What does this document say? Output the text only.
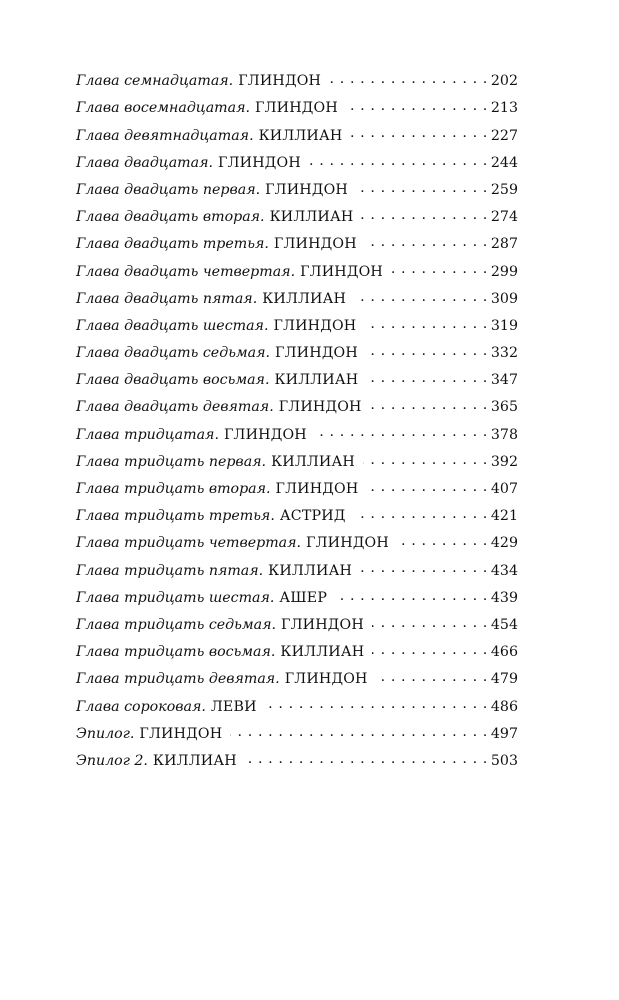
Глава семнадцатая. ГЛИНДОН . . .	202
Глава восемнадцатая. ГЛИНДОН . . .	213
Глава девятнадцатая. КИЛЛИАН . . .	227
Глава двадцатая. ГЛИНДОН . . .	244
Глава двадцать первая. ГЛИНДОН . . .	259
Глава двадцать вторая. КИЛЛИАН . . .	274
Глава двадцать третья. ГЛИНДОН . . .	287
Глава двадцать четвертая. ГЛИНДОН . . .	299
Глава двадцать пятая. КИЛЛИАН . . .	309
Глава двадцать шестая. ГЛИНДОН . . .	319
Глава двадцать седьмая. ГЛИНДОН . . .	332
Глава двадцать восьмая. КИЛЛИАН . . .	347
Глава двадцать девятая. ГЛИНДОН . . .	365
Глава тридцатая. ГЛИНДОН . . .	378
Глава тридцать первая. КИЛЛИАН . . .	392
Глава тридцать вторая. ГЛИНДОН . . .	407
Глава тридцать третья. АСТРИД . . .	421
Глава тридцать четвертая. ГЛИНДОН . . .	429
Глава тридцать пятая. КИЛЛИАН . . .	434
Глава тридцать шестая. АШЕР . . .	439
Глава тридцать седьмая. ГЛИНДОН . . .	454
Глава тридцать восьмая. КИЛЛИАН . . .	466
Глава тридцать девятая. ГЛИНДОН . . .	479
Глава сороковая. ЛЕВИ . . .	486
Эпилог. ГЛИНДОН . . .	497
Эпилог 2. КИЛЛИАН . . .	503
